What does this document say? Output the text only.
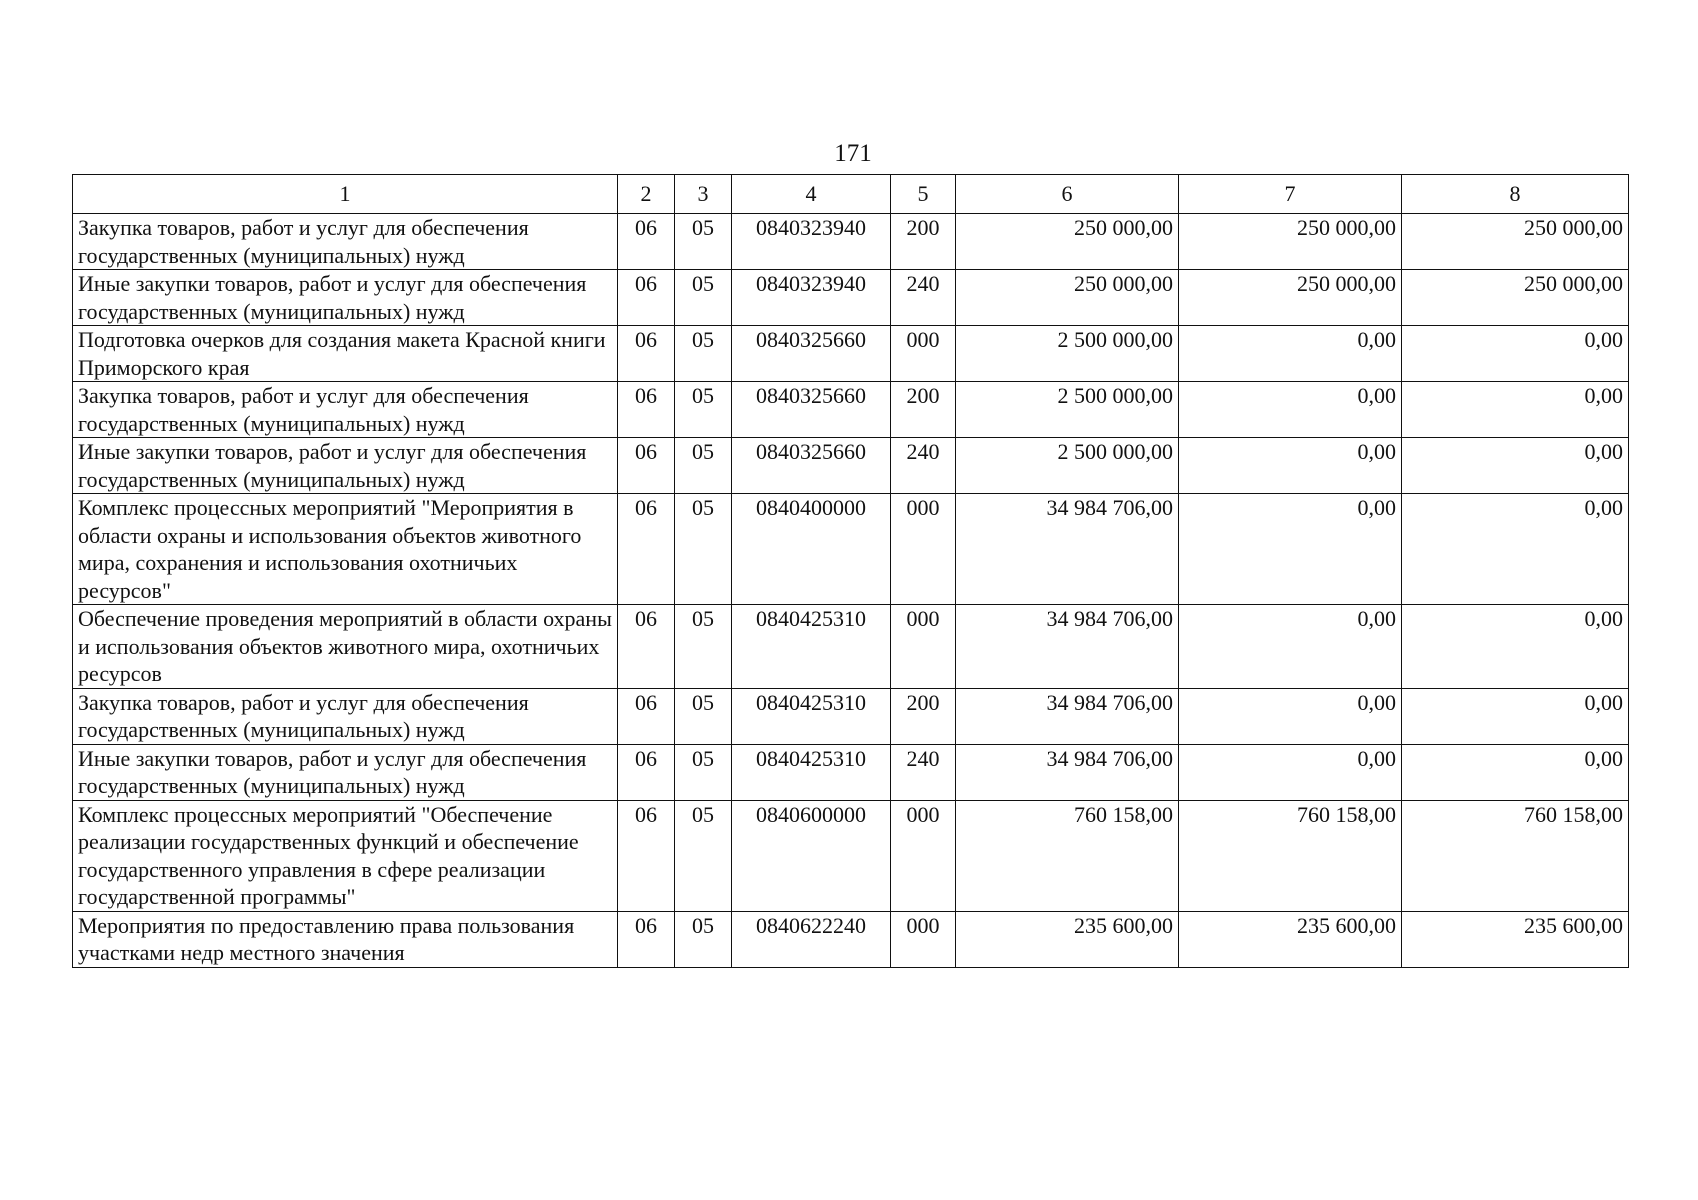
171
1	2	3	4	5	6	7	8
Закупка товаров, работ и услуг для обеспечения государственных (муниципальных) нужд	06	05	0840323940	200	250 000,00	250 000,00	250 000,00
Иные закупки товаров, работ и услуг для обеспечения государственных (муниципальных) нужд	06	05	0840323940	240	250 000,00	250 000,00	250 000,00
Подготовка очерков для создания макета Красной книги Приморского края	06	05	0840325660	000	2 500 000,00	0,00	0,00
Закупка товаров, работ и услуг для обеспечения государственных (муниципальных) нужд	06	05	0840325660	200	2 500 000,00	0,00	0,00
Иные закупки товаров, работ и услуг для обеспечения государственных (муниципальных) нужд	06	05	0840325660	240	2 500 000,00	0,00	0,00
Комплекс процессных мероприятий "Мероприятия в области охраны и использования объектов животного мира, сохранения и использования охотничьих ресурсов"	06	05	0840400000	000	34 984 706,00	0,00	0,00
Обеспечение проведения мероприятий в области охраны и использования объектов животного мира, охотничьих ресурсов	06	05	0840425310	000	34 984 706,00	0,00	0,00
Закупка товаров, работ и услуг для обеспечения государственных (муниципальных) нужд	06	05	0840425310	200	34 984 706,00	0,00	0,00
Иные закупки товаров, работ и услуг для обеспечения государственных (муниципальных) нужд	06	05	0840425310	240	34 984 706,00	0,00	0,00
Комплекс процессных мероприятий "Обеспечение реализации государственных функций и обеспечение государственного управления в сфере реализации государственной программы"	06	05	0840600000	000	760 158,00	760 158,00	760 158,00
Мероприятия по предоставлению права пользования участками недр местного значения	06	05	0840622240	000	235 600,00	235 600,00	235 600,00
